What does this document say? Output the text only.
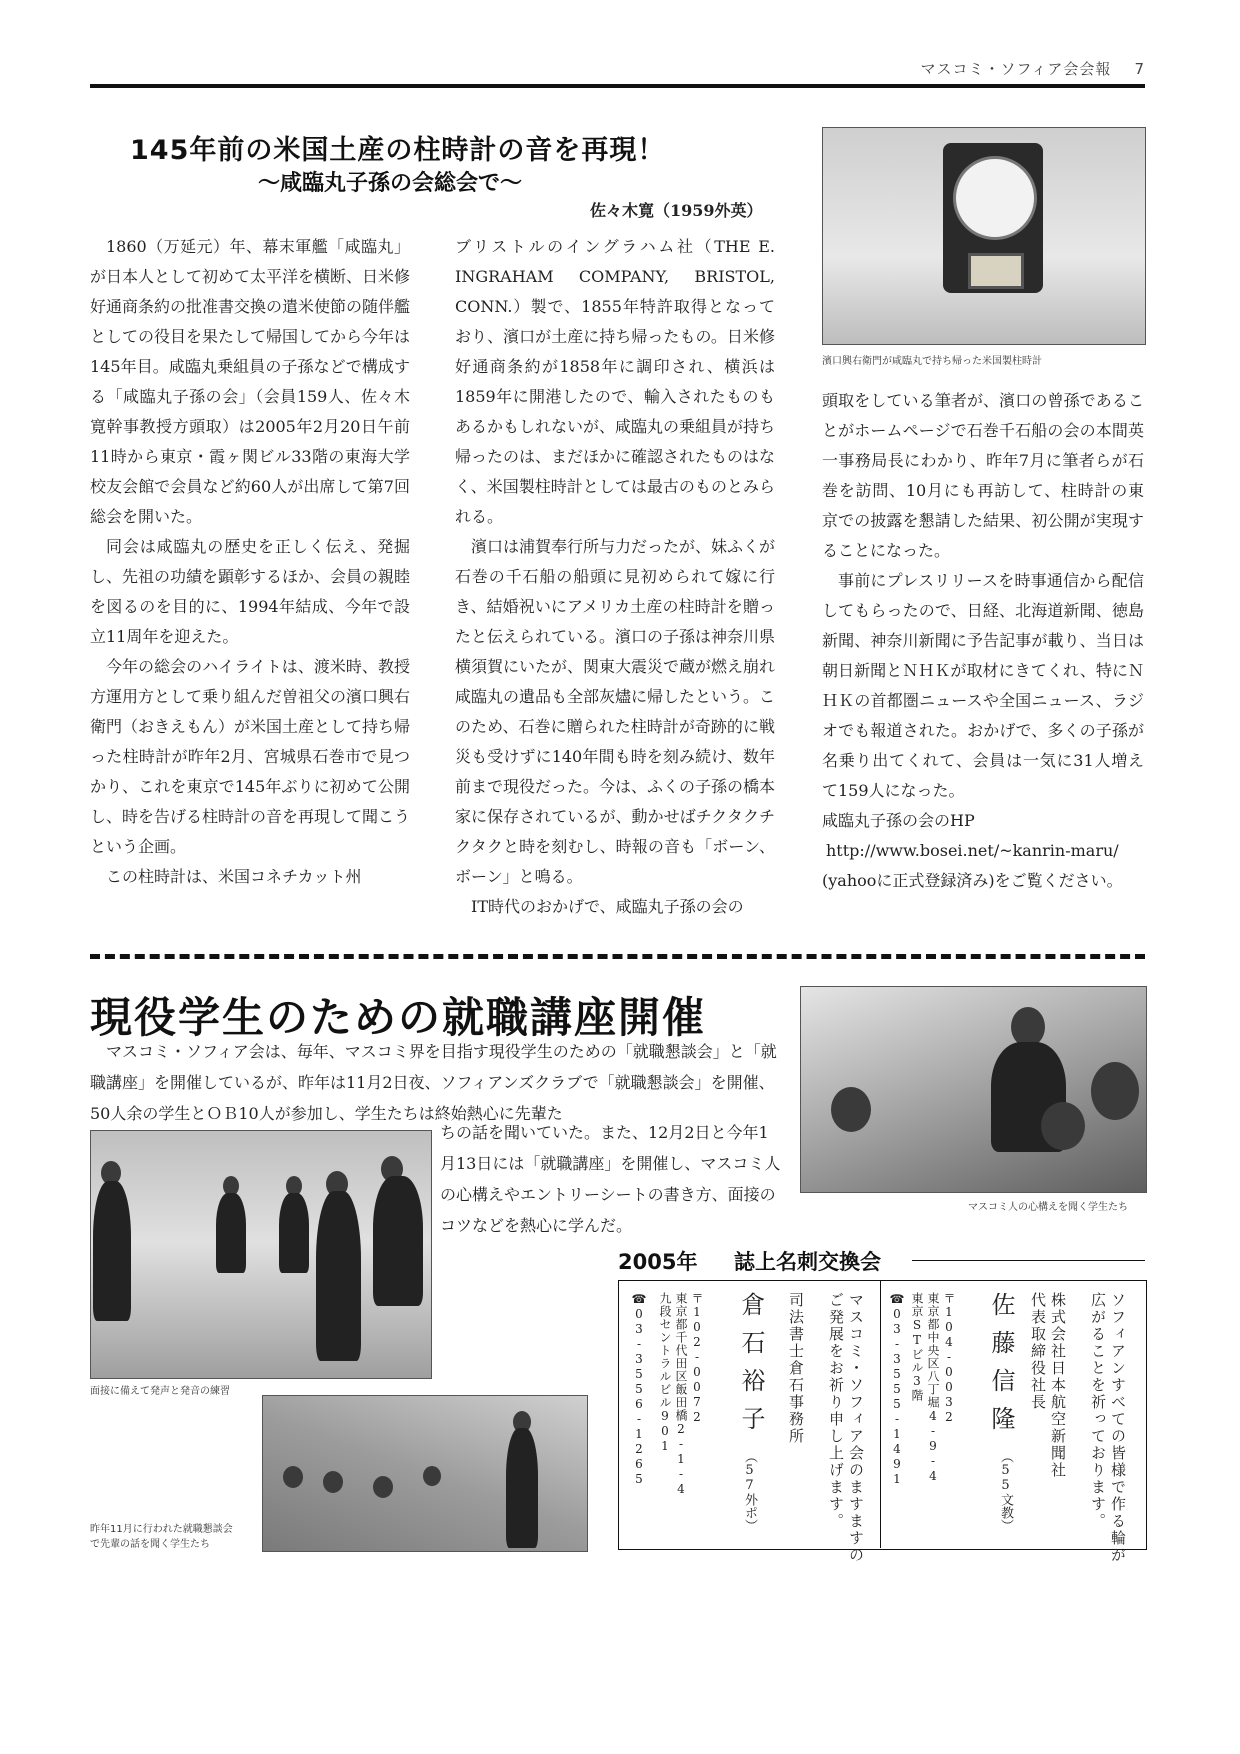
マスコミ・ソフィア会会報 7
145年前の米国土産の柱時計の音を再現！
〜咸臨丸子孫の会総会で〜
佐々木寛（1959外英）

1860（万延元）年、幕末軍艦「咸臨丸」が日本人として初めて太平洋を横断、日米修好通商条約の批准書交換の遣米使節の随伴艦としての役目を果たして帰国してから今年は145年目。咸臨丸乗組員の子孫などで構成する「咸臨丸子孫の会」（会員159人、佐々木寛幹事教授方頭取）は2005年2月20日午前11時から東京・霞ヶ関ビル33階の東海大学校友会館で会員など約60人が出席して第7回総会を開いた。

同会は咸臨丸の歴史を正しく伝え、発掘し、先祖の功績を顕彰するほか、会員の親睦を図るのを目的に、1994年結成、今年で設立11周年を迎えた。

今年の総会のハイライトは、渡米時、教授方運用方として乗り組んだ曽祖父の濱口興右衛門（おきえもん）が米国土産として持ち帰った柱時計が昨年2月、宮城県石巻市で見つかり、これを東京で145年ぶりに初めて公開し、時を告げる柱時計の音を再現して聞こうという企画。

この柱時計は、米国コネチカット州

ブリストルのイングラハム社（THE E. INGRAHAM COMPANY, BRISTOL, CONN.）製で、1855年特許取得となっており、濱口が土産に持ち帰ったもの。日米修好通商条約が1858年に調印され、横浜は1859年に開港したので、輸入されたものもあるかもしれないが、咸臨丸の乗組員が持ち帰ったのは、まだほかに確認されたものはなく、米国製柱時計としては最古のものとみられる。

濱口は浦賀奉行所与力だったが、妹ふくが石巻の千石船の船頭に見初められて嫁に行き、結婚祝いにアメリカ土産の柱時計を贈ったと伝えられている。濱口の子孫は神奈川県横須賀にいたが、関東大震災で蔵が燃え崩れ咸臨丸の遺品も全部灰燼に帰したという。このため、石巻に贈られた柱時計が奇跡的に戦災も受けずに140年間も時を刻み続け、数年前まで現役だった。今は、ふくの子孫の橋本家に保存されているが、動かせばチクタクチクタクと時を刻むし、時報の音も「ボーン、ボーン」と鳴る。

IT時代のおかげで、咸臨丸子孫の会の

濱口興右衛門が咸臨丸で持ち帰った米国製柱時計

頭取をしている筆者が、濱口の曾孫であることがホームページで石巻千石船の会の本間英一事務局長にわかり、昨年7月に筆者らが石巻を訪問、10月にも再訪して、柱時計の東京での披露を懇請した結果、初公開が実現することになった。

事前にプレスリリースを時事通信から配信してもらったので、日経、北海道新聞、徳島新聞、神奈川新聞に予告記事が載り、当日は朝日新聞とＮＨＫが取材にきてくれ、特にＮＨＫの首都圏ニュースや全国ニュース、ラジオでも報道された。おかげで、多くの子孫が名乗り出てくれて、会員は一気に31人増えて159人になった。

咸臨丸子孫の会のHP

http://www.bosei.net/~kanrin-maru/

(yahooに正式登録済み)をご覧ください。

現役学生のための就職講座開催
マスコミ・ソフィア会は、毎年、マスコミ界を目指す現役学生のための「就職懇談会」と「就職講座」を開催しているが、昨年は11月2日夜、ソフィアンズクラブで「就職懇談会」を開催、50人余の学生とＯＢ10人が参加し、学生たちは終始熱心に先輩た
ちの話を聞いていた。また、12月2日と今年1月13日には「就職講座」を開催し、マスコミ人の心構えやエントリーシートの書き方、面接のコツなどを熱心に学んだ。
マスコミ人の心構えを聞く学生たち
面接に備えて発声と発音の練習
昨年11月に行われた就職懇談会
で先輩の話を聞く学生たち
2005年 誌上名刺交換会
ソフィアンすべての皆様で作る輪が
広がることを祈っております。
株式会社日本航空新聞社
代表取締役社長
佐藤信隆
（55文教）
〒104-0032
東京都中央区八丁堀4-9-4
東京STビル3階
☎03-3555-1491
マスコミ・ソフィア会のますますの
ご発展をお祈り申し上げます。
司法書士倉石事務所
倉石裕子
（57外ポ）
〒102-0072
東京都千代田区飯田橋2-1-4
九段セントラルビル901
☎03-3556-1265
